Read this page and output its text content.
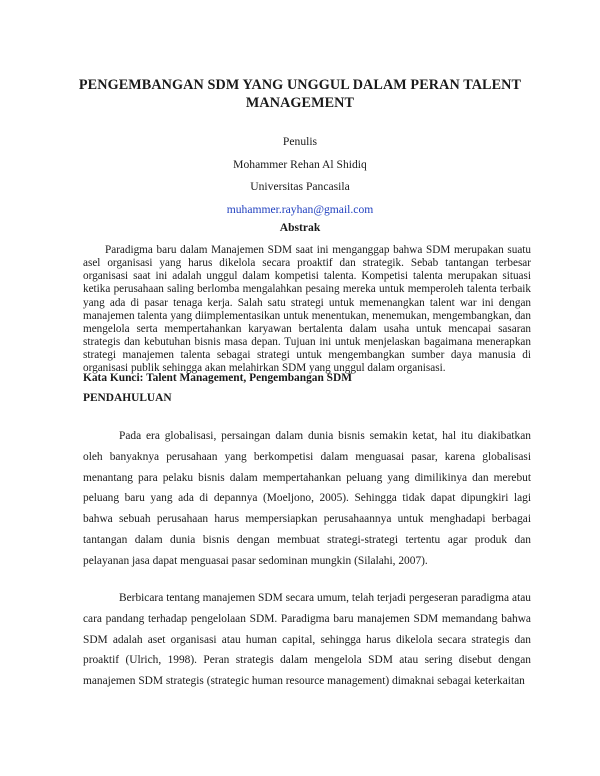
PENGEMBANGAN SDM YANG UNGGUL DALAM PERAN TALENT MANAGEMENT
Penulis
Mohammer Rehan Al Shidiq
Universitas Pancasila
muhammer.rayhan@gmail.com
Abstrak

Paradigma baru dalam Manajemen SDM saat ini menganggap bahwa SDM merupakan suatu asel organisasi yang harus dikelola secara proaktif dan strategik. Sebab tantangan terbesar organisasi saat ini adalah unggul dalam kompetisi talenta. Kompetisi talenta merupakan situasi ketika perusahaan saling berlomba mengalahkan pesaing mereka untuk memperoleh talenta terbaik yang ada di pasar tenaga kerja. Salah satu strategi untuk memenangkan talent war ini dengan manajemen talenta yang diimplementasikan untuk menentukan, menemukan, mengembangkan, dan mengelola serta mempertahankan karyawan bertalenta dalam usaha untuk mencapai sasaran strategis dan kebutuhan bisnis masa depan. Tujuan ini untuk menjelaskan bagaimana menerapkan strategi manajemen talenta sebagai strategi untuk mengembangkan sumber daya manusia di organisasi publik sehingga akan melahirkan SDM yang unggul dalam organisasi.

Kata Kunci: Talent Management, Pengembangan SDM

PENDAHULUAN

Pada era globalisasi, persaingan dalam dunia bisnis semakin ketat, hal itu diakibatkan oleh banyaknya perusahaan yang berkompetisi dalam menguasai pasar, karena globalisasi menantang para pelaku bisnis dalam mempertahankan peluang yang dimilikinya dan merebut peluang baru yang ada di depannya (Moeljono, 2005). Sehingga tidak dapat dipungkiri lagi bahwa sebuah perusahaan harus mempersiapkan perusahaannya untuk menghadapi berbagai tantangan dalam dunia bisnis dengan membuat strategi-strategi tertentu agar produk dan pelayanan jasa dapat menguasai pasar sedominan mungkin (Silalahi, 2007).

Berbicara tentang manajemen SDM secara umum, telah terjadi pergeseran paradigma atau cara pandang terhadap pengelolaan SDM. Paradigma baru manajemen SDM memandang bahwa SDM adalah aset organisasi atau human capital, sehingga harus dikelola secara strategis dan proaktif (Ulrich, 1998). Peran strategis dalam mengelola SDM atau sering disebut dengan manajemen SDM strategis (strategic human resource management) dimaknai sebagai keterkaitan
